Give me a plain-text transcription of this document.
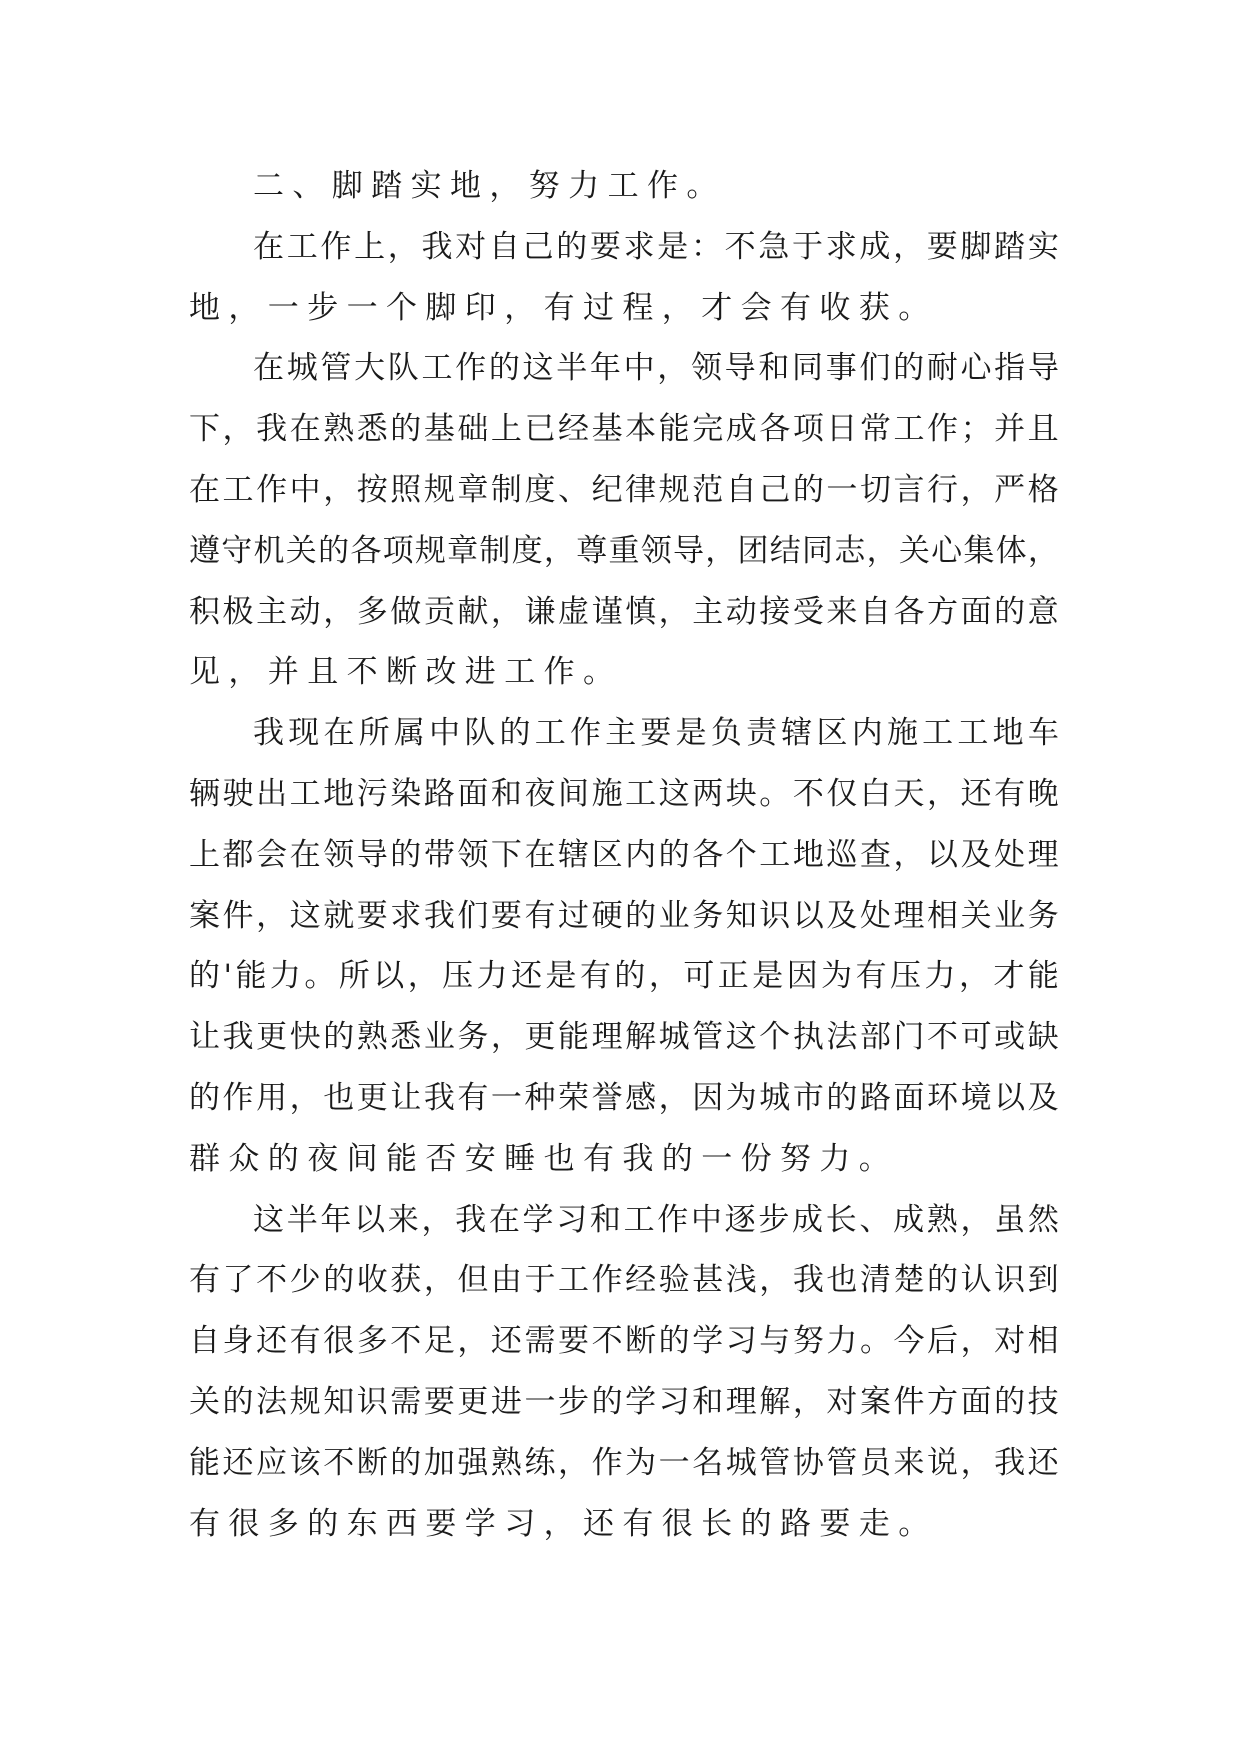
二、脚踏实地，努力工作。
在 工 作 上 ， 我 对 自 己 的 要 求 是 ： 不 急 于 求 成 ， 要 脚 踏 实
地，一步一个脚印，有过程，才会有收获。
在 城 管 大 队 工 作 的 这 半 年 中 ， 领 导 和 同 事 们 的 耐 心 指 导
下 ， 我 在 熟 悉 的 基 础 上 已 经 基 本 能 完 成 各 项 日 常 工 作 ； 并 且
在 工 作 中 ， 按 照 规 章 制 度 、 纪 律 规 范 自 己 的 一 切 言 行 ， 严 格
遵 守 机 关 的 各 项 规 章 制 度 ， 尊 重 领 导 ， 团 结 同 志 ， 关 心 集 体 ，
积 极 主 动 ， 多 做 贡 献 ， 谦 虚 谨 慎 ， 主 动 接 受 来 自 各 方 面 的 意
见，并且不断改进工作。
我 现 在 所 属 中 队 的 工 作 主 要 是 负 责 辖 区 内 施 工 工 地 车
辆 驶 出 工 地 污 染 路 面 和 夜 间 施 工 这 两 块 。 不 仅 白 天 ， 还 有 晚
上 都 会 在 领 导 的 带 领 下 在 辖 区 内 的 各 个 工 地 巡 查 ， 以 及 处 理
案 件 ， 这 就 要 求 我 们 要 有 过 硬 的 业 务 知 识 以 及 处 理 相 关 业 务
的 ' 能 力 。 所 以 ， 压 力 还 是 有 的 ， 可 正 是 因 为 有 压 力 ， 才 能
让 我 更 快 的 熟 悉 业 务 ， 更 能 理 解 城 管 这 个 执 法 部 门 不 可 或 缺
的 作 用 ， 也 更 让 我 有 一 种 荣 誉 感 ， 因 为 城 市 的 路 面 环 境 以 及
群众的夜间能否安睡也有我的一份努力。
这 半 年 以 来 ， 我 在 学 习 和 工 作 中 逐 步 成 长 、 成 熟 ， 虽 然
有 了 不 少 的 收 获 ， 但 由 于 工 作 经 验 甚 浅 ， 我 也 清 楚 的 认 识 到
自 身 还 有 很 多 不 足 ， 还 需 要 不 断 的 学 习 与 努 力 。 今 后 ， 对 相
关 的 法 规 知 识 需 要 更 进 一 步 的 学 习 和 理 解 ， 对 案 件 方 面 的 技
能 还 应 该 不 断 的 加 强 熟 练 ， 作 为 一 名 城 管 协 管 员 来 说 ， 我 还
有很多的东西要学习，还有很长的路要走。
